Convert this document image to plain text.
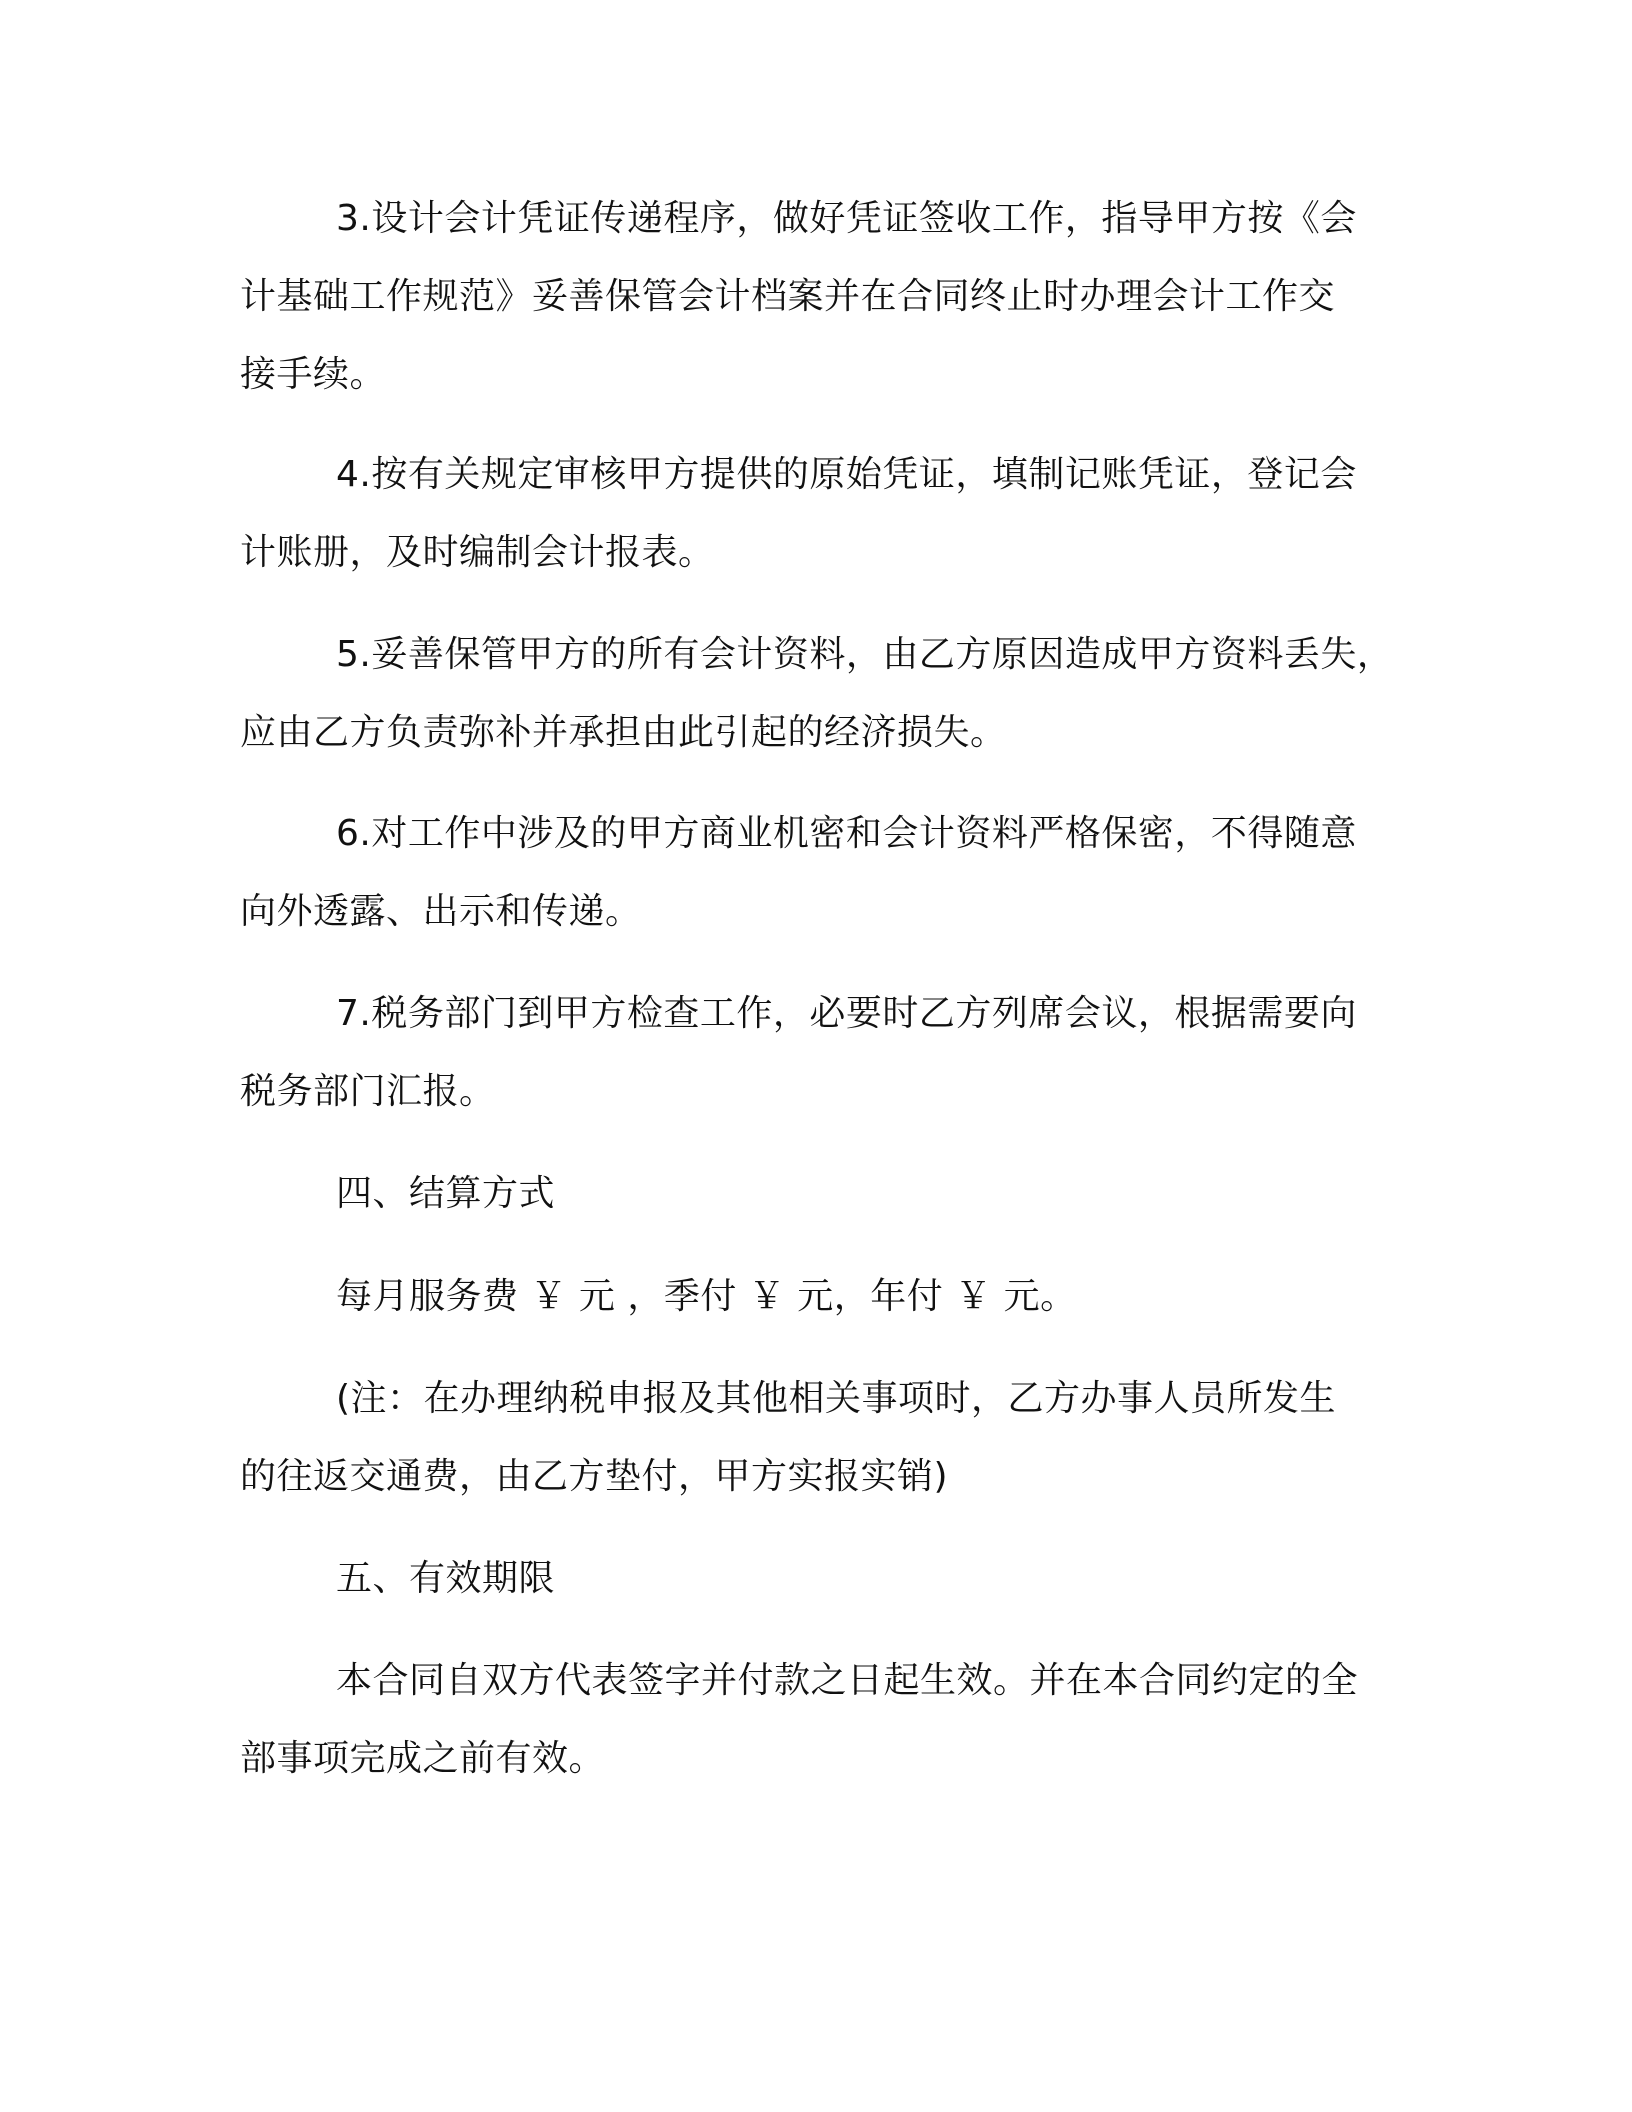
3.设计会计凭证传递程序，做好凭证签收工作，指导甲方按《会
计基础工作规范》妥善保管会计档案并在合同终止时办理会计工作交
接手续。
4.按有关规定审核甲方提供的原始凭证，填制记账凭证，登记会
计账册，及时编制会计报表。
5.妥善保管甲方的所有会计资料，由乙方原因造成甲方资料丢失，
应由乙方负责弥补并承担由此引起的经济损失。
6.对工作中涉及的甲方商业机密和会计资料严格保密，不得随意
向外透露、出示和传递。
7.税务部门到甲方检查工作，必要时乙方列席会议，根据需要向
税务部门汇报。
四、结算方式
每月服务费 ￥ 元 ，季付 ￥ 元，年付 ￥ 元。
(注：在办理纳税申报及其他相关事项时，乙方办事人员所发生
的往返交通费，由乙方垫付，甲方实报实销)
五、有效期限
本合同自双方代表签字并付款之日起生效。并在本合同约定的全
部事项完成之前有效。
